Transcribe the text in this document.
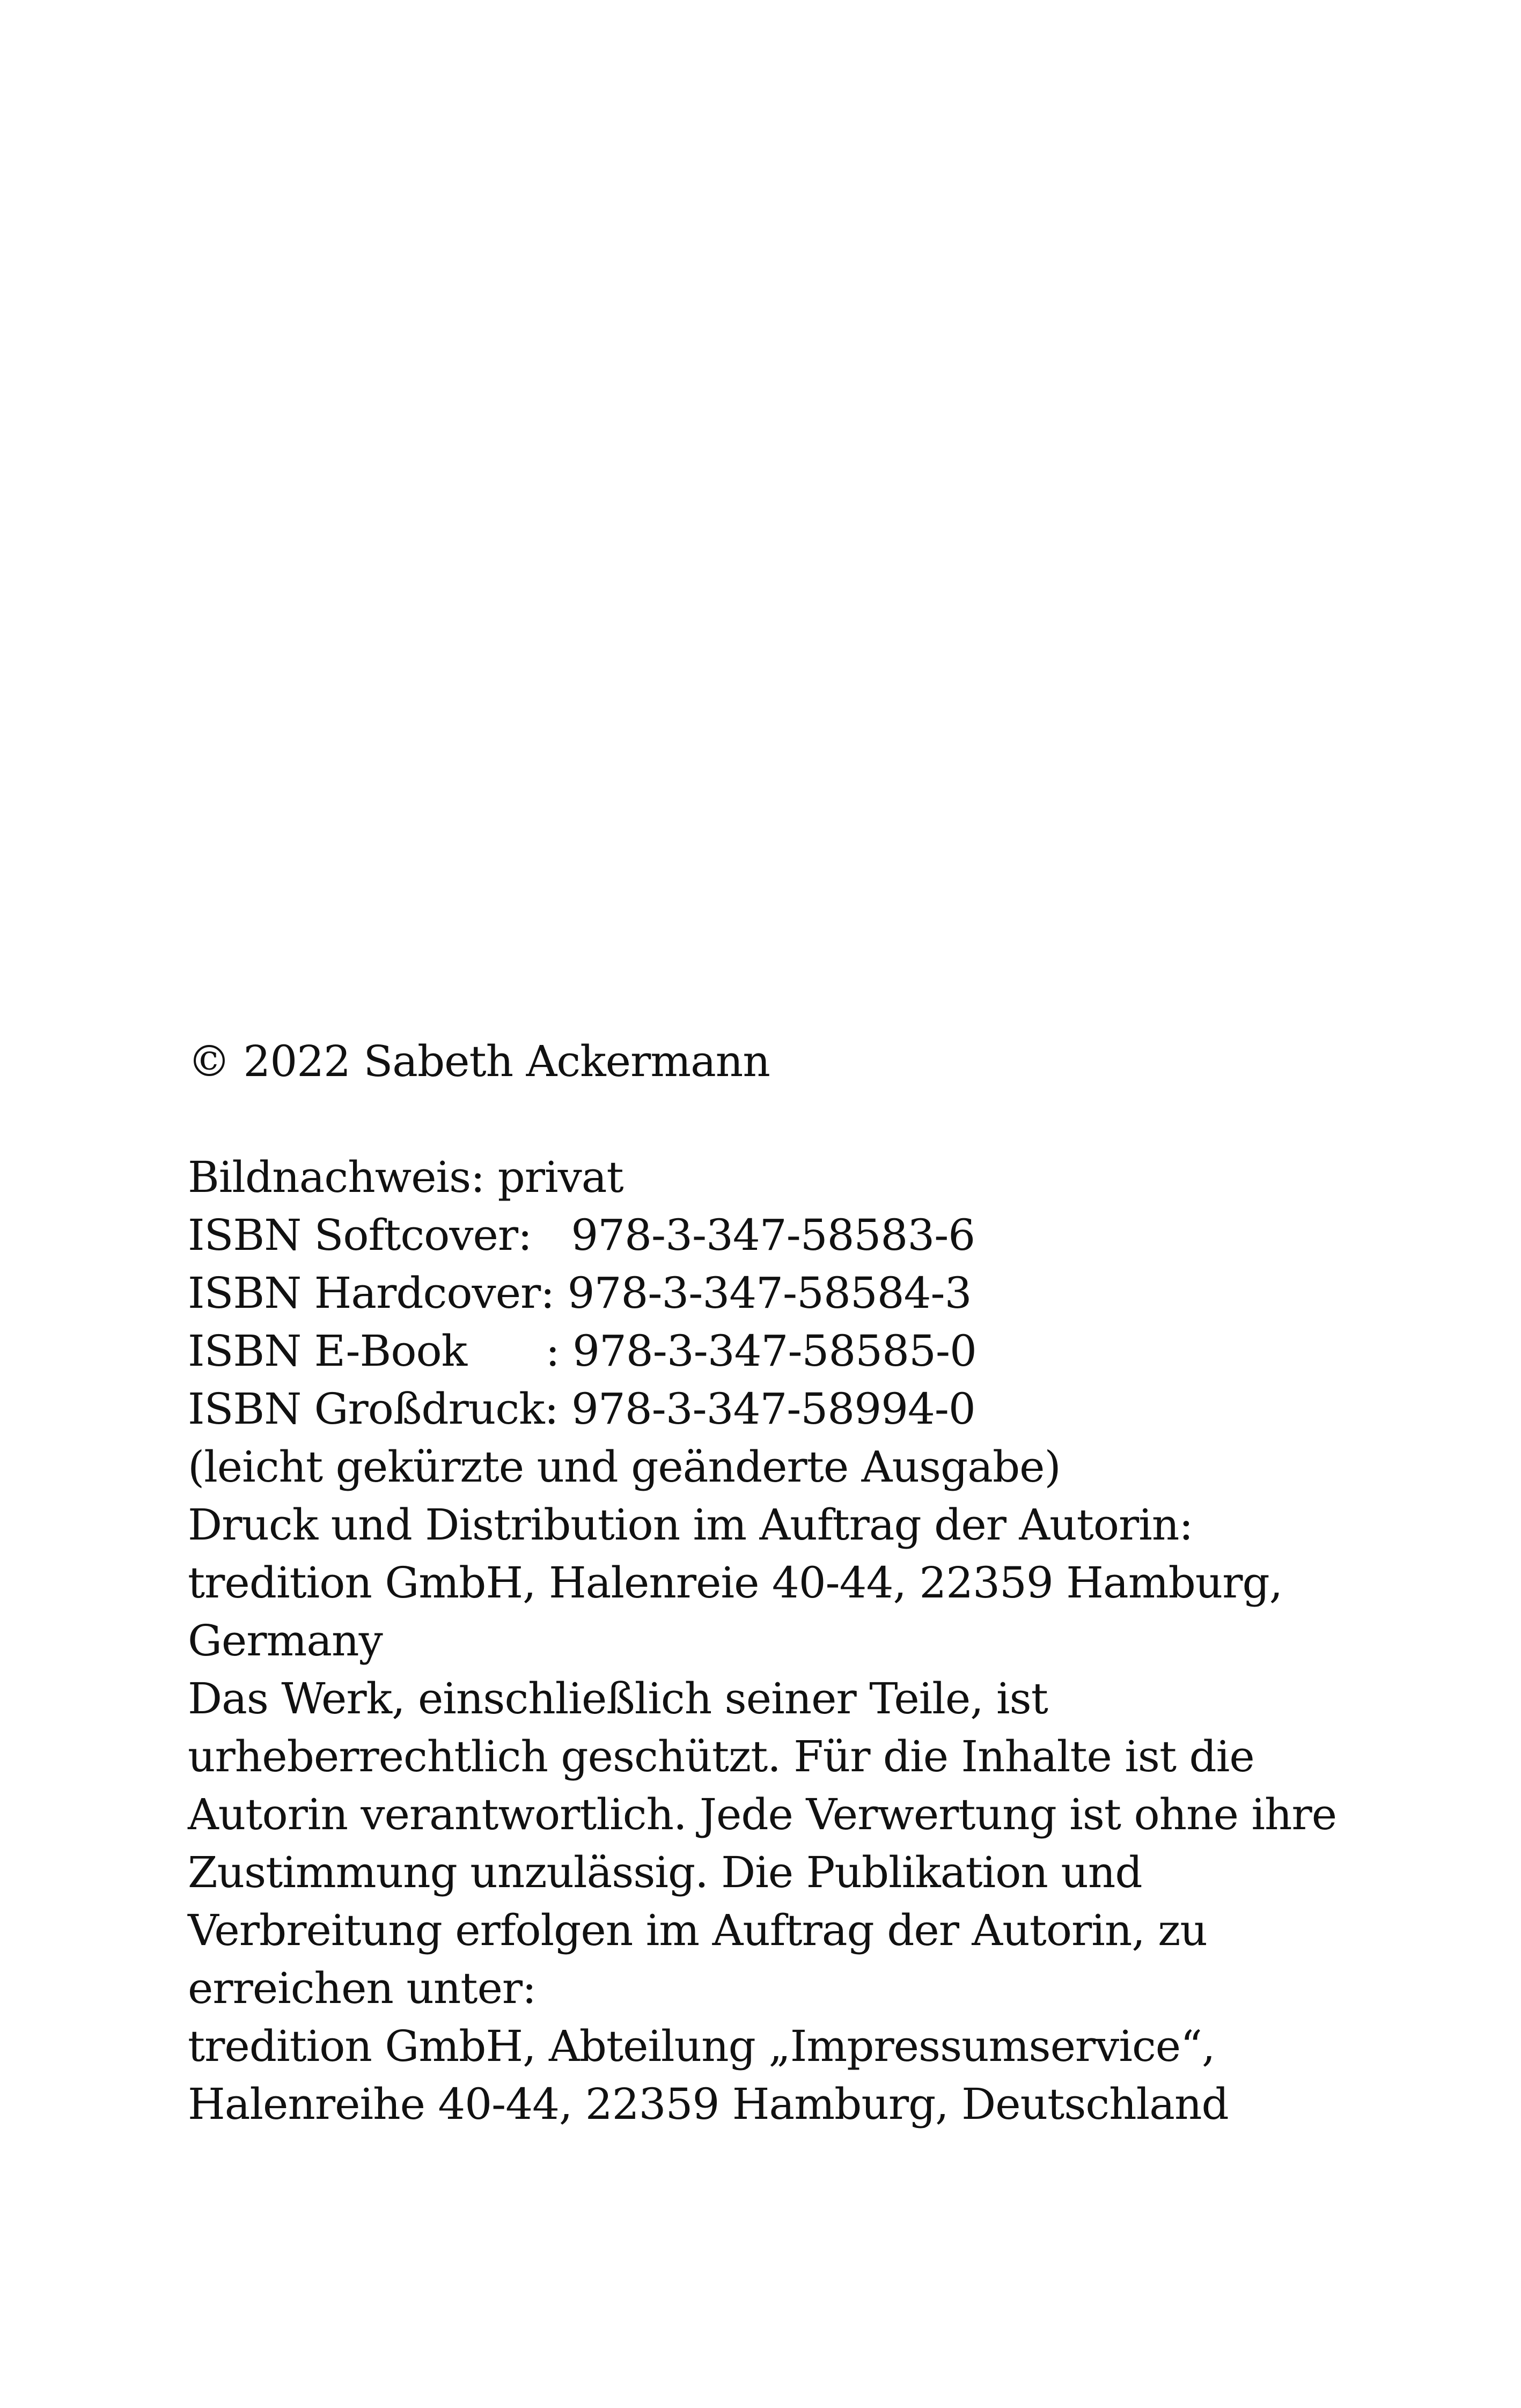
© 2022 Sabeth Ackermann
Bildnachweis: privat
ISBN Softcover:   978-3-347-58583-6
ISBN Hardcover: 978-3-347-58584-3
ISBN E-Book      : 978-3-347-58585-0
ISBN Großdruck: 978-3-347-58994-0
(leicht gekürzte und geänderte Ausgabe)
Druck und Distribution im Auftrag der Autorin:
tredition GmbH, Halenreie 40-44, 22359 Hamburg,
Germany
Das Werk, einschließlich seiner Teile, ist
urheberrechtlich geschützt. Für die Inhalte ist die
Autorin verantwortlich. Jede Verwertung ist ohne ihre
Zustimmung unzulässig. Die Publikation und
Verbreitung erfolgen im Auftrag der Autorin, zu
erreichen unter:
tredition GmbH, Abteilung „Impressumservice“,
Halenreihe 40-44, 22359 Hamburg, Deutschland
